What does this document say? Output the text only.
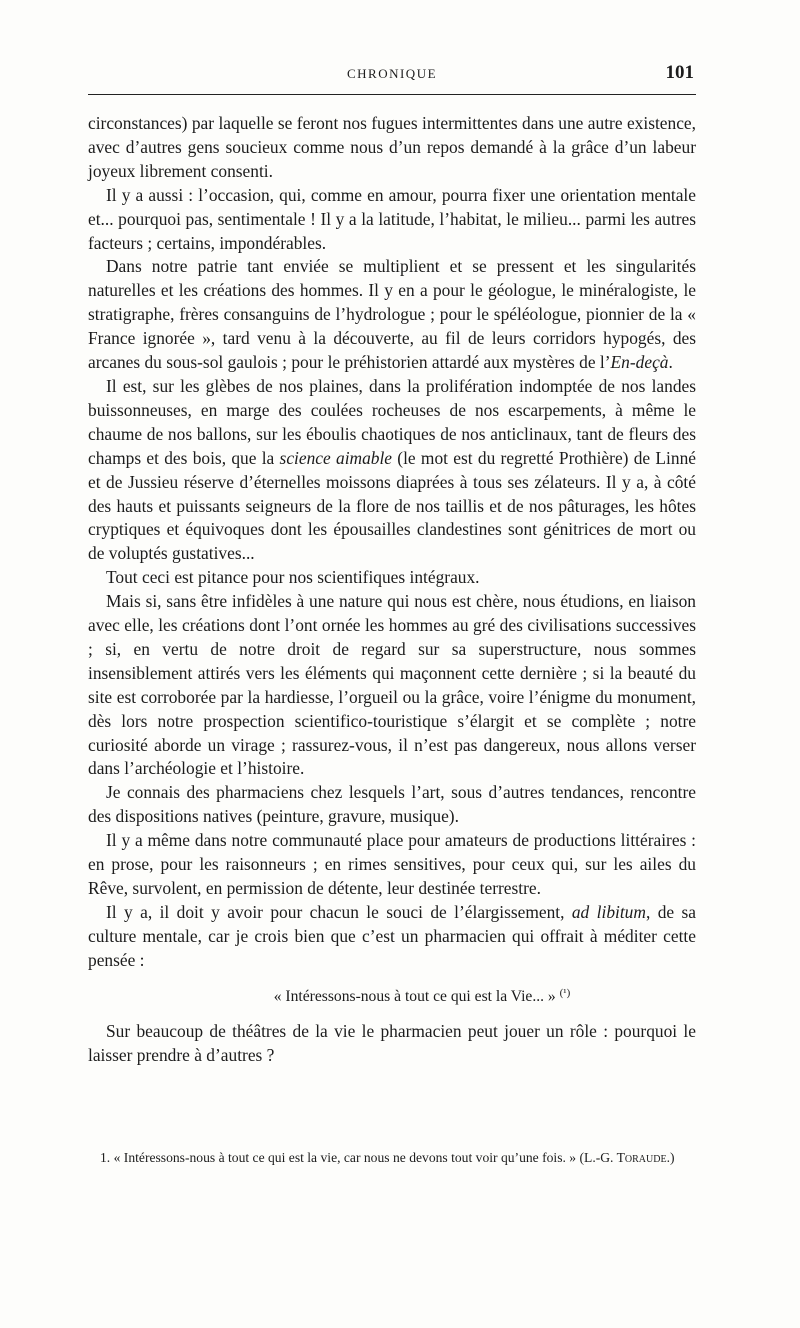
CHRONIQUE	101

circonstances) par laquelle se feront nos fugues intermittentes dans une autre existence, avec d’autres gens soucieux comme nous d’un repos demandé à la grâce d’un labeur joyeux librement consenti.

Il y a aussi : l’occasion, qui, comme en amour, pourra fixer une orientation mentale et... pourquoi pas, sentimentale ! Il y a la latitude, l’habitat, le milieu... parmi les autres facteurs ; certains, impondérables.

Dans notre patrie tant enviée se multiplient et se pressent et les singularités naturelles et les créations des hommes. Il y en a pour le géologue, le minéralogiste, le stratigraphe, frères consanguins de l’hydrologue ; pour le spéléologue, pionnier de la « France ignorée », tard venu à la découverte, au fil de leurs corridors hypogés, des arcanes du sous-sol gaulois ; pour le préhistorien attardé aux mystères de l’En-deçà.

Il est, sur les glèbes de nos plaines, dans la prolifération indomptée de nos landes buissonneuses, en marge des coulées rocheuses de nos escarpements, à même le chaume de nos ballons, sur les éboulis chaotiques de nos anticlinaux, tant de fleurs des champs et des bois, que la science aimable (le mot est du regretté Prothière) de Linné et de Jussieu réserve d’éternelles moissons diaprées à tous ses zélateurs. Il y a, à côté des hauts et puissants seigneurs de la flore de nos taillis et de nos pâturages, les hôtes cryptiques et équivoques dont les épousailles clandestines sont génitrices de mort ou de voluptés gustatives...

Tout ceci est pitance pour nos scientifiques intégraux.

Mais si, sans être infidèles à une nature qui nous est chère, nous étudions, en liaison avec elle, les créations dont l’ont ornée les hommes au gré des civilisations successives ; si, en vertu de notre droit de regard sur sa superstructure, nous sommes insensiblement attirés vers les éléments qui maçonnent cette dernière ; si la beauté du site est corroborée par la hardiesse, l’orgueil ou la grâce, voire l’énigme du monument, dès lors notre prospection scientifico-touristique s’élargit et se complète ; notre curiosité aborde un virage ; rassurez-vous, il n’est pas dangereux, nous allons verser dans l’archéologie et l’histoire.

Je connais des pharmaciens chez lesquels l’art, sous d’autres tendances, rencontre des dispositions natives (peinture, gravure, musique).

Il y a même dans notre communauté place pour amateurs de productions littéraires : en prose, pour les raisonneurs ; en rimes sensitives, pour ceux qui, sur les ailes du Rêve, survolent, en permission de détente, leur destinée terrestre.

Il y a, il doit y avoir pour chacun le souci de l’élargissement, ad libitum, de sa culture mentale, car je crois bien que c’est un pharmacien qui offrait à méditer cette pensée :

« Intéressons-nous à tout ce qui est la Vie... » $^{(^1)}$

Sur beaucoup de théâtres de la vie le pharmacien peut jouer un rôle : pourquoi le laisser prendre à d’autres ?

1. « Intéressons-nous à tout ce qui est la vie, car nous ne devons tout voir qu’une fois. » (L.-G. Toraude.)
